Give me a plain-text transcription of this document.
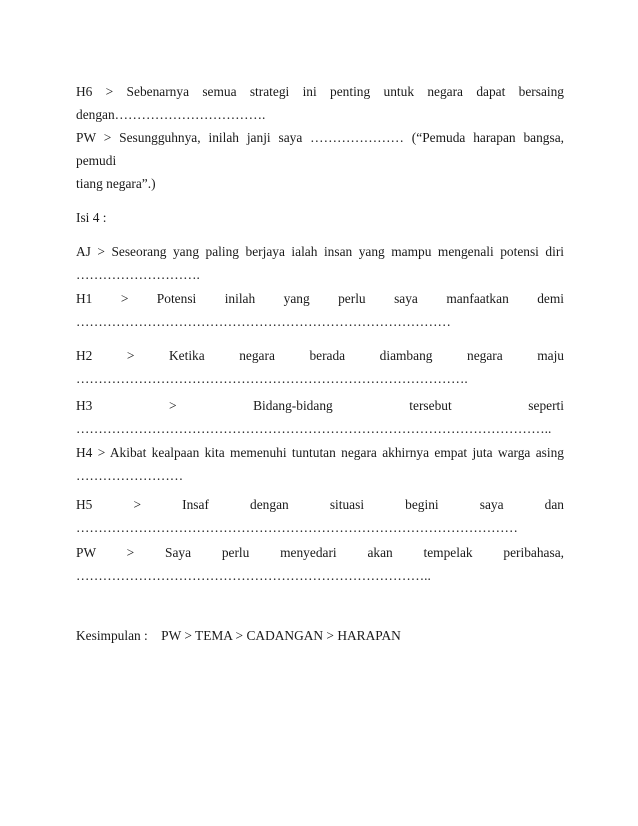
H6 > Sebenarnya semua strategi ini penting untuk negara dapat bersaing
dengan…………………………….

PW > Sesungguhnya, inilah janji saya ………………… (“Pemuda harapan bangsa, pemudi
tiang negara”.)

Isi 4 :

AJ > Seseorang yang paling berjaya ialah insan yang mampu mengenali potensi diri
……………………….

H1 > Potensi inilah yang perlu saya manfaatkan demi
…………………………………………………………………………

H2 > Ketika negara berada diambang negara maju
…………………………………………………………………………….

H3 > Bidang-bidang tersebut seperti
……………………………………………………………………………………………..

H4 > Akibat kealpaan kita memenuhi tuntutan negara akhirnya empat juta warga asing
……………………

H5 > Insaf dengan situasi begini saya dan
………………………………………………………………………………………

PW > Saya perlu menyedari akan tempelak peribahasa,
……………………………………………………………………..

Kesimpulan :    PW > TEMA > CADANGAN > HARAPAN
